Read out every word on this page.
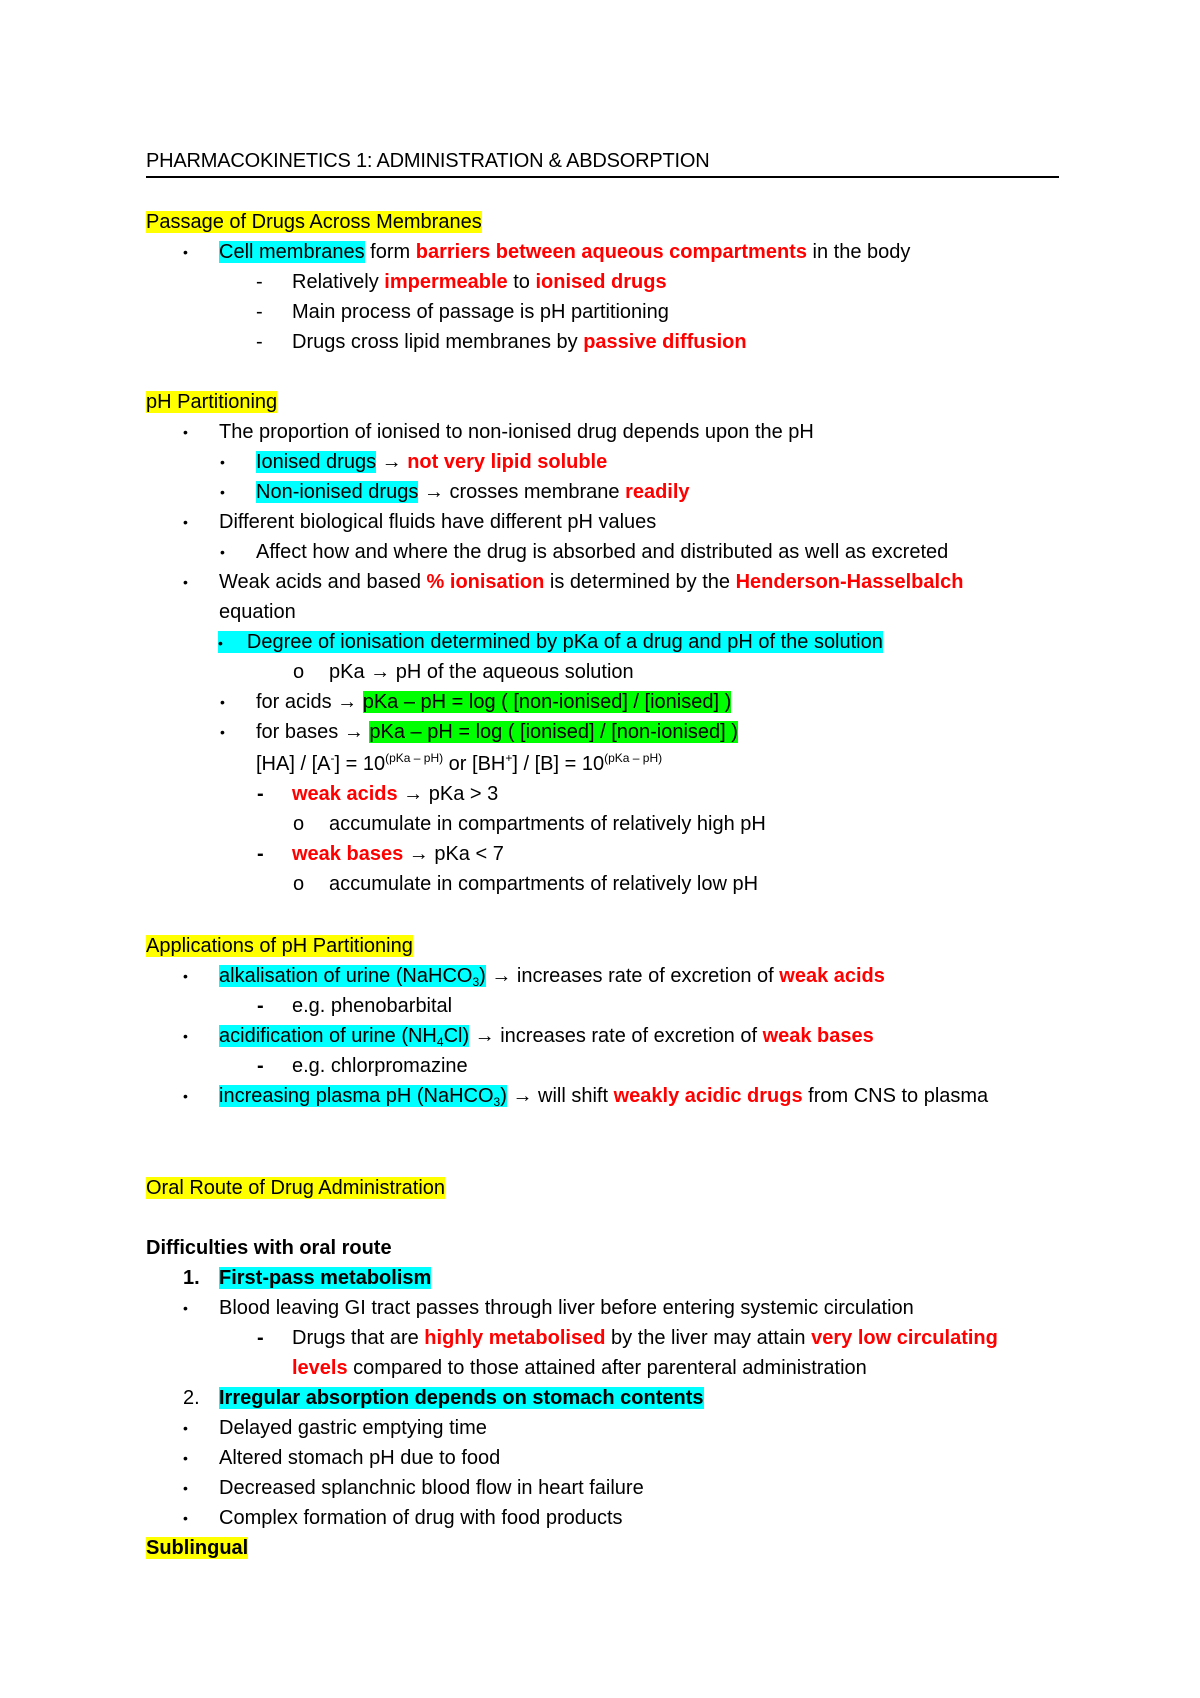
PHARMACOKINETICS 1: ADMINISTRATION & ABDSORPTION
Passage of Drugs Across Membranes
• Cell membranes form barriers between aqueous compartments in the body
- Relatively impermeable to ionised drugs
- Main process of passage is pH partitioning
- Drugs cross lipid membranes by passive diffusion
pH Partitioning
• The proportion of ionised to non-ionised drug depends upon the pH
• Ionised drugs → not very lipid soluble
• Non-ionised drugs → crosses membrane readily
• Different biological fluids have different pH values
• Affect how and where the drug is absorbed and distributed as well as excreted
• Weak acids and based % ionisation is determined by the Henderson-Hasselbalch
equation
• Degree of ionisation determined by pKa of a drug and pH of the solution
o pKa → pH of the aqueous solution
• for acids → pKa – pH = log ( [non-ionised] / [ionised] )
• for bases → pKa – pH = log ( [ionised] / [non-ionised] )
$[HA] / [A^-] = 10^{(pKa - pH)}$ or $[BH^+] / [B] = 10^{(pKa - pH)}$
- weak acids → pKa > 3
o accumulate in compartments of relatively high pH
- weak bases → pKa < 7
o accumulate in compartments of relatively low pH
Applications of pH Partitioning
• alkalisation of urine (NaHCO$_3$) → increases rate of excretion of weak acids
- e.g. phenobarbital
• acidification of urine $(NH_4Cl)$ → increases rate of excretion of weak bases
- e.g. chlorpromazine
• increasing plasma pH (NaHCO$_3$) → will shift weakly acidic drugs from CNS to plasma
Oral Route of Drug Administration
Difficulties with oral route
1. First-pass metabolism
• Blood leaving GI tract passes through liver before entering systemic circulation
- Drugs that are highly metabolised by the liver may attain very low circulating
levels compared to those attained after parenteral administration
2. Irregular absorption depends on stomach contents
• Delayed gastric emptying time
• Altered stomach pH due to food
• Decreased splanchnic blood flow in heart failure
• Complex formation of drug with food products
Sublingual
